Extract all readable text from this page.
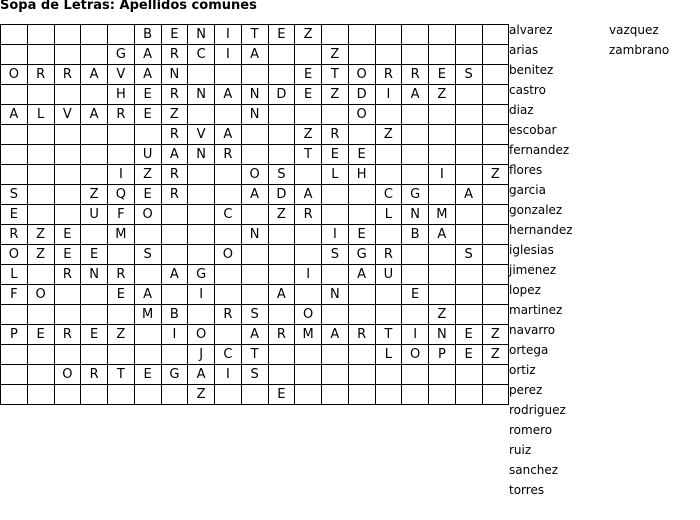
Sopa de Letras: Apellidos comunes
					B	E	N	I	T	E	Z							
				G	A	R	C	I	A			Z						
O	R	R	A	V	A	N					E	T	O	R	R	E	S	
				H	E	R	N	A	N	D	E	Z	D	I	A	Z		
A	L	V	A	R	E	Z			N				O					
						R	V	A			Z	R		Z				
					U	A	N	R			T	E	E					
				I	Z	R			O	S		L	H			I		Z
S			Z	Q	E	R			A	D	A			C	G		A	
E			U	F	O			C		Z	R			L	N	M		
R	Z	E		M					N			I	E		B	A		
O	Z	E	E		S			O				S	G	R			S	
L		R	N	R		A	G				I		A	U				
F	O			E	A		I			A		N			E			
					M	B		R	S		O					Z		
P	E	R	E	Z		I	O		A	R	M	A	R	T	I	N	E	Z
							J	C	T					L	O	P	E	Z
		O	R	T	E	G	A	I	S									
							Z			E								
alvarez
arias
benitez
castro
diaz
escobar
fernandez
flores
garcia
gonzalez
hernandez
iglesias
jimenez
lopez
martinez
navarro
ortega
ortiz
perez
rodriguez
romero
ruiz
sanchez
torres
vazquez
zambrano
